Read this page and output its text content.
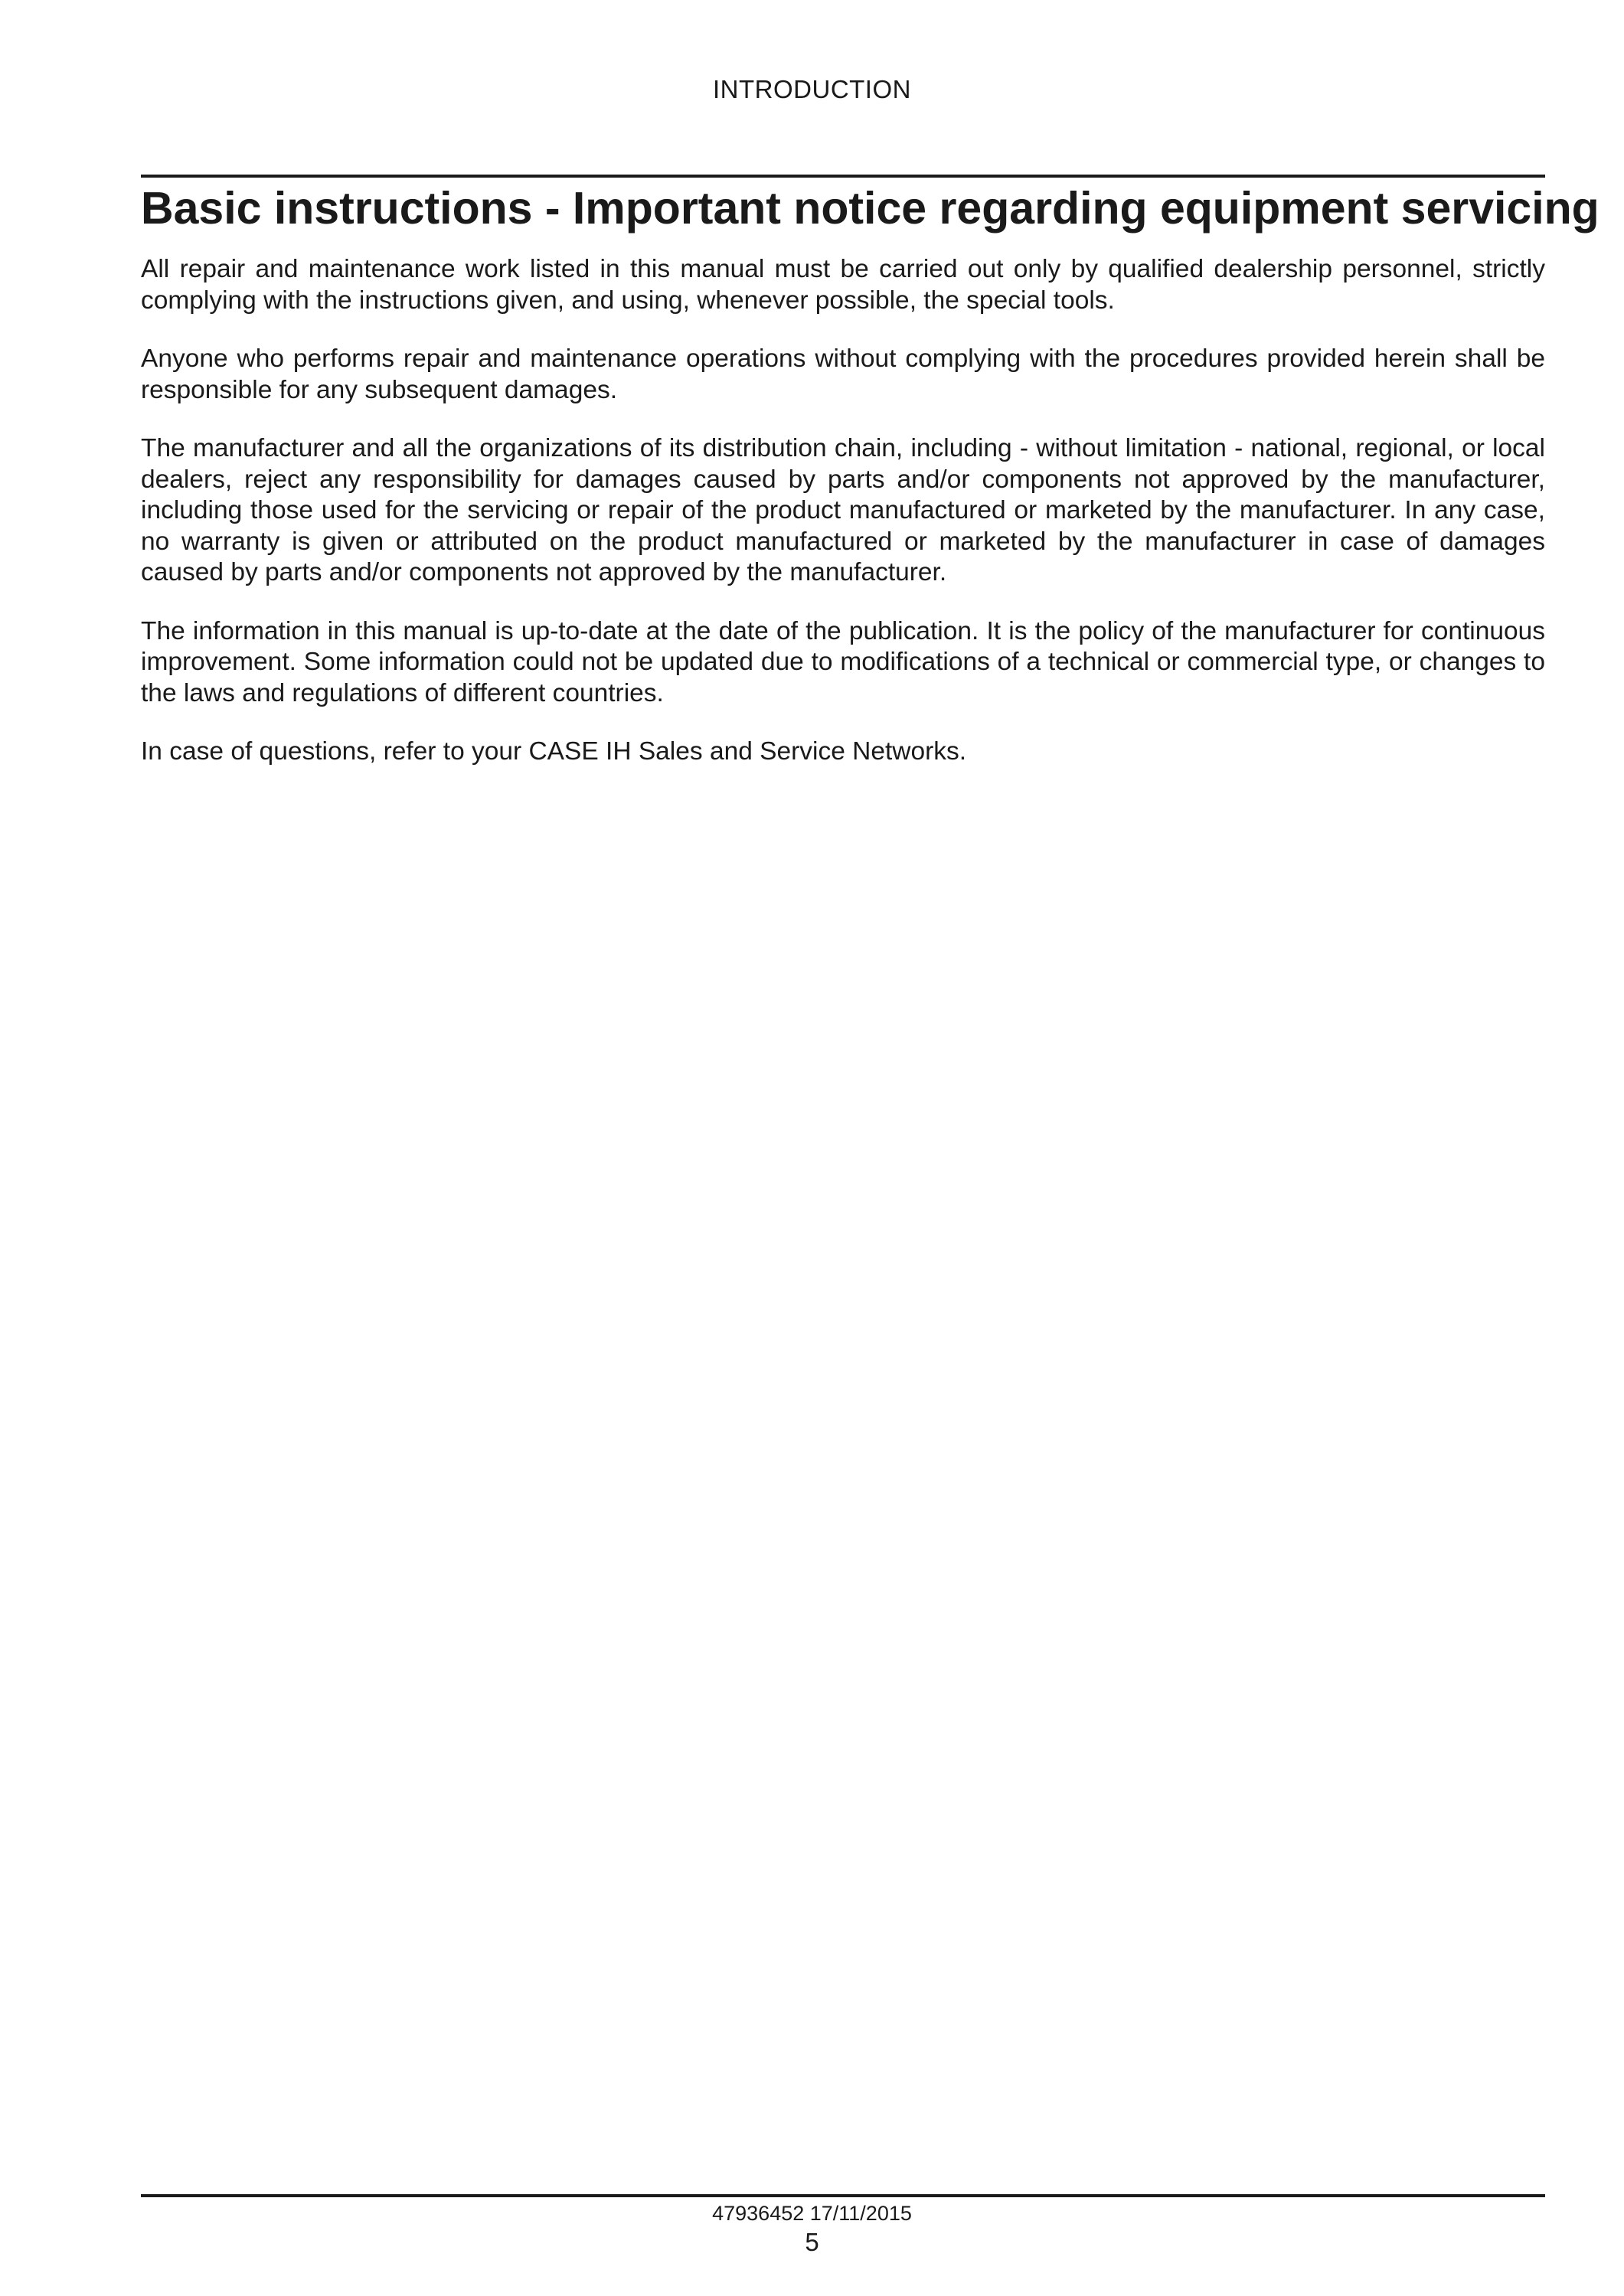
INTRODUCTION
Basic instructions - Important notice regarding equipment servicing

All repair and maintenance work listed in this manual must be carried out only by qualified dealership personnel, strictly complying with the instructions given, and using, whenever possible, the special tools.

Anyone who performs repair and maintenance operations without complying with the procedures provided herein shall be responsible for any subsequent damages.

The manufacturer and all the organizations of its distribution chain, including - without limitation - national, regional, or local dealers, reject any responsibility for damages caused by parts and/or components not approved by the manufacturer, including those used for the servicing or repair of the product manufactured or marketed by the manufacturer. In any case, no warranty is given or attributed on the product manufactured or marketed by the manufacturer in case of damages caused by parts and/or components not approved by the manufacturer.

The information in this manual is up-to-date at the date of the publication. It is the policy of the manufacturer for continuous improvement. Some information could not be updated due to modifications of a technical or commercial type, or changes to the laws and regulations of different countries.

In case of questions, refer to your CASE IH Sales and Service Networks.

47936452 17/11/2015
5
